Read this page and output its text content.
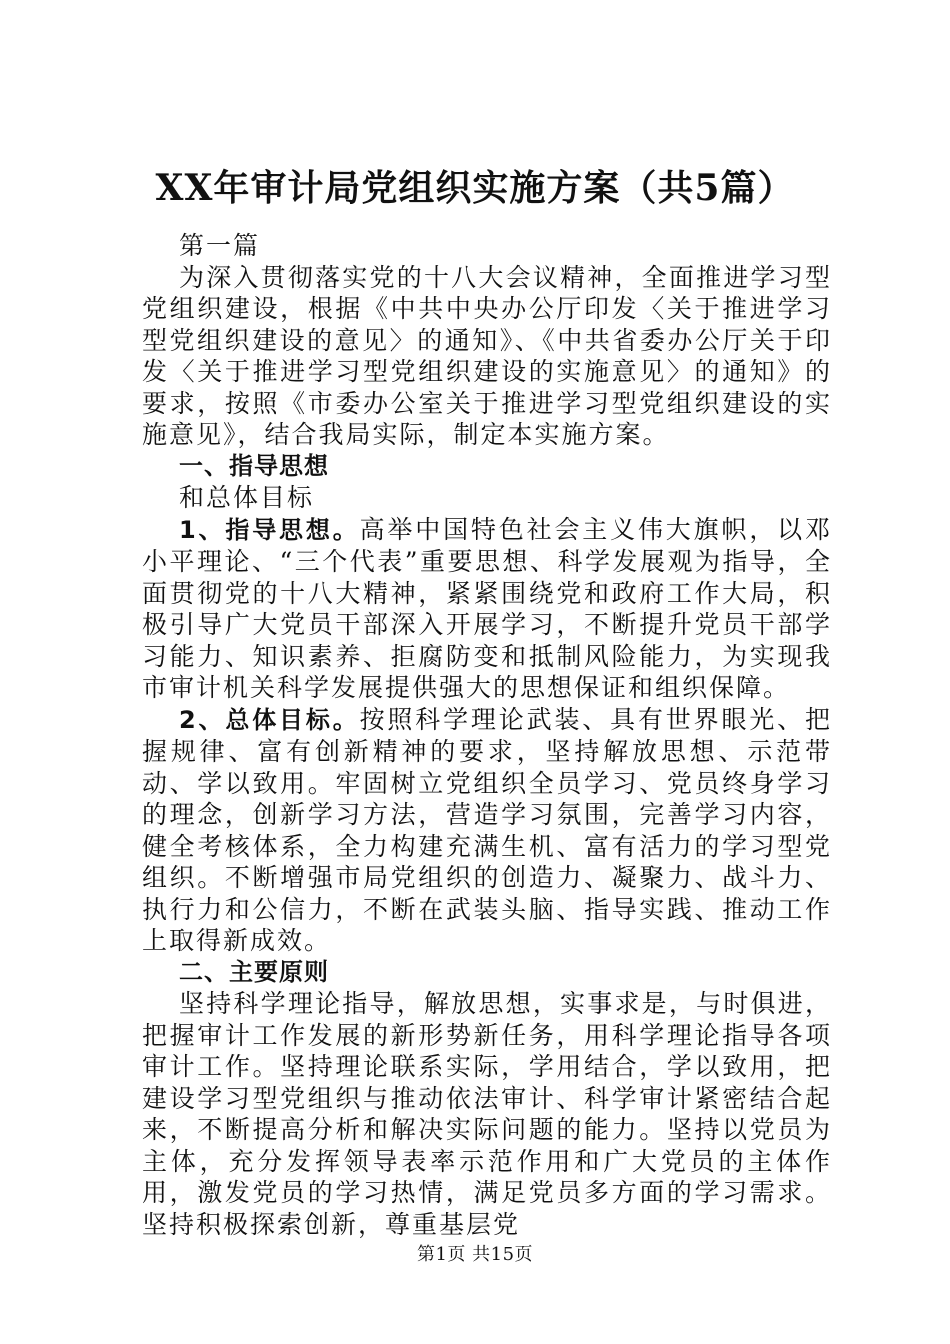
XX年审计局党组织实施方案（共5篇）

第一篇

为深入贯彻落实党的十八大会议精神，全面推进学习型党组织建设，根据《中共中央办公厅印发〈关于推进学习型党组织建设的意见〉的通知》、《中共省委办公厅关于印发〈关于推进学习型党组织建设的实施意见〉的通知》的要求，按照《市委办公室关于推进学习型党组织建设的实施意见》，结合我局实际，制定本实施方案。

一、指导思想

和总体目标

1、指导思想。高举中国特色社会主义伟大旗帜，以邓小平理论、“三个代表”重要思想、科学发展观为指导，全面贯彻党的十八大精神，紧紧围绕党和政府工作大局，积极引导广大党员干部深入开展学习，不断提升党员干部学习能力、知识素养、拒腐防变和抵制风险能力，为实现我市审计机关科学发展提供强大的思想保证和组织保障。

2、总体目标。按照科学理论武装、具有世界眼光、把握规律、富有创新精神的要求，坚持解放思想、示范带动、学以致用。牢固树立党组织全员学习、党员终身学习的理念，创新学习方法，营造学习氛围，完善学习内容，健全考核体系，全力构建充满生机、富有活力的学习型党组织。不断增强市局党组织的创造力、凝聚力、战斗力、执行力和公信力，不断在武装头脑、指导实践、推动工作上取得新成效。

二、主要原则

坚持科学理论指导，解放思想，实事求是，与时俱进，把握审计工作发展的新形势新任务，用科学理论指导各项审计工作。坚持理论联系实际，学用结合，学以致用，把建设学习型党组织与推动依法审计、科学审计紧密结合起来，不断提高分析和解决实际问题的能力。坚持以党员为主体，充分发挥领导表率示范作用和广大党员的主体作用，激发党员的学习热情，满足党员多方面的学习需求。坚持积极探索创新，尊重基层党

第1页 共15页
